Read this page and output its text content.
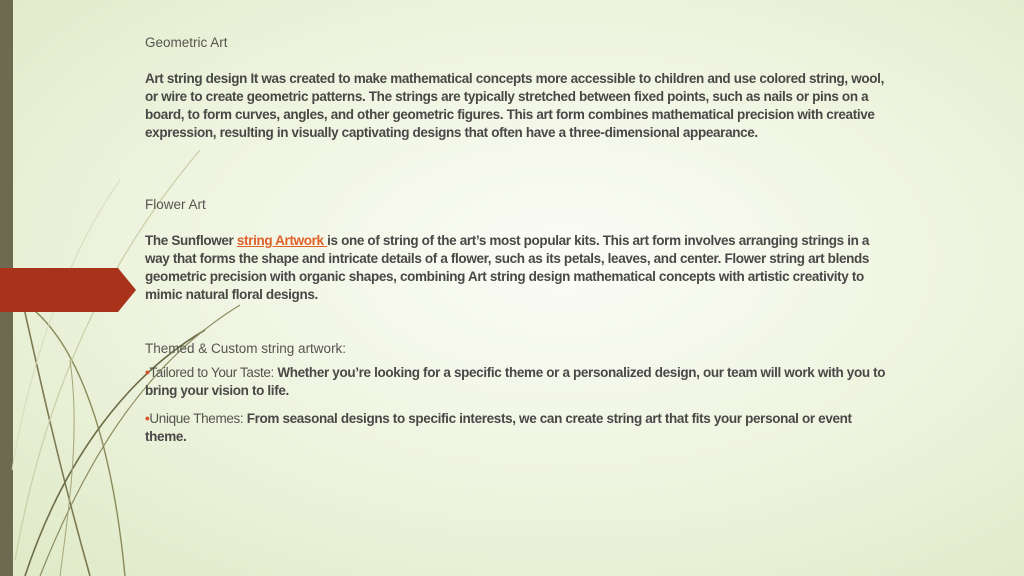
Geometric Art

Art string design It was created to make mathematical concepts more accessible to children and use colored string, wool, or wire to create geometric patterns. The strings are typically stretched between fixed points, such as nails or pins on a board, to form curves, angles, and other geometric figures. This art form combines mathematical precision with creative expression, resulting in visually captivating designs that often have a three-dimensional appearance.

Flower Art

The Sunflower string Artwork is one of string of the art’s most popular kits. This art form involves arranging strings in a way that forms the shape and intricate details of a flower, such as its petals, leaves, and center. Flower string art blends geometric precision with organic shapes, combining Art string design mathematical concepts with artistic creativity to mimic natural floral designs.

Themed & Custom string artwork:

•Tailored to Your Taste: Whether you’re looking for a specific theme or a personalized design, our team will work with you to bring your vision to life.

•Unique Themes: From seasonal designs to specific interests, we can create string art that fits your personal or event theme.
